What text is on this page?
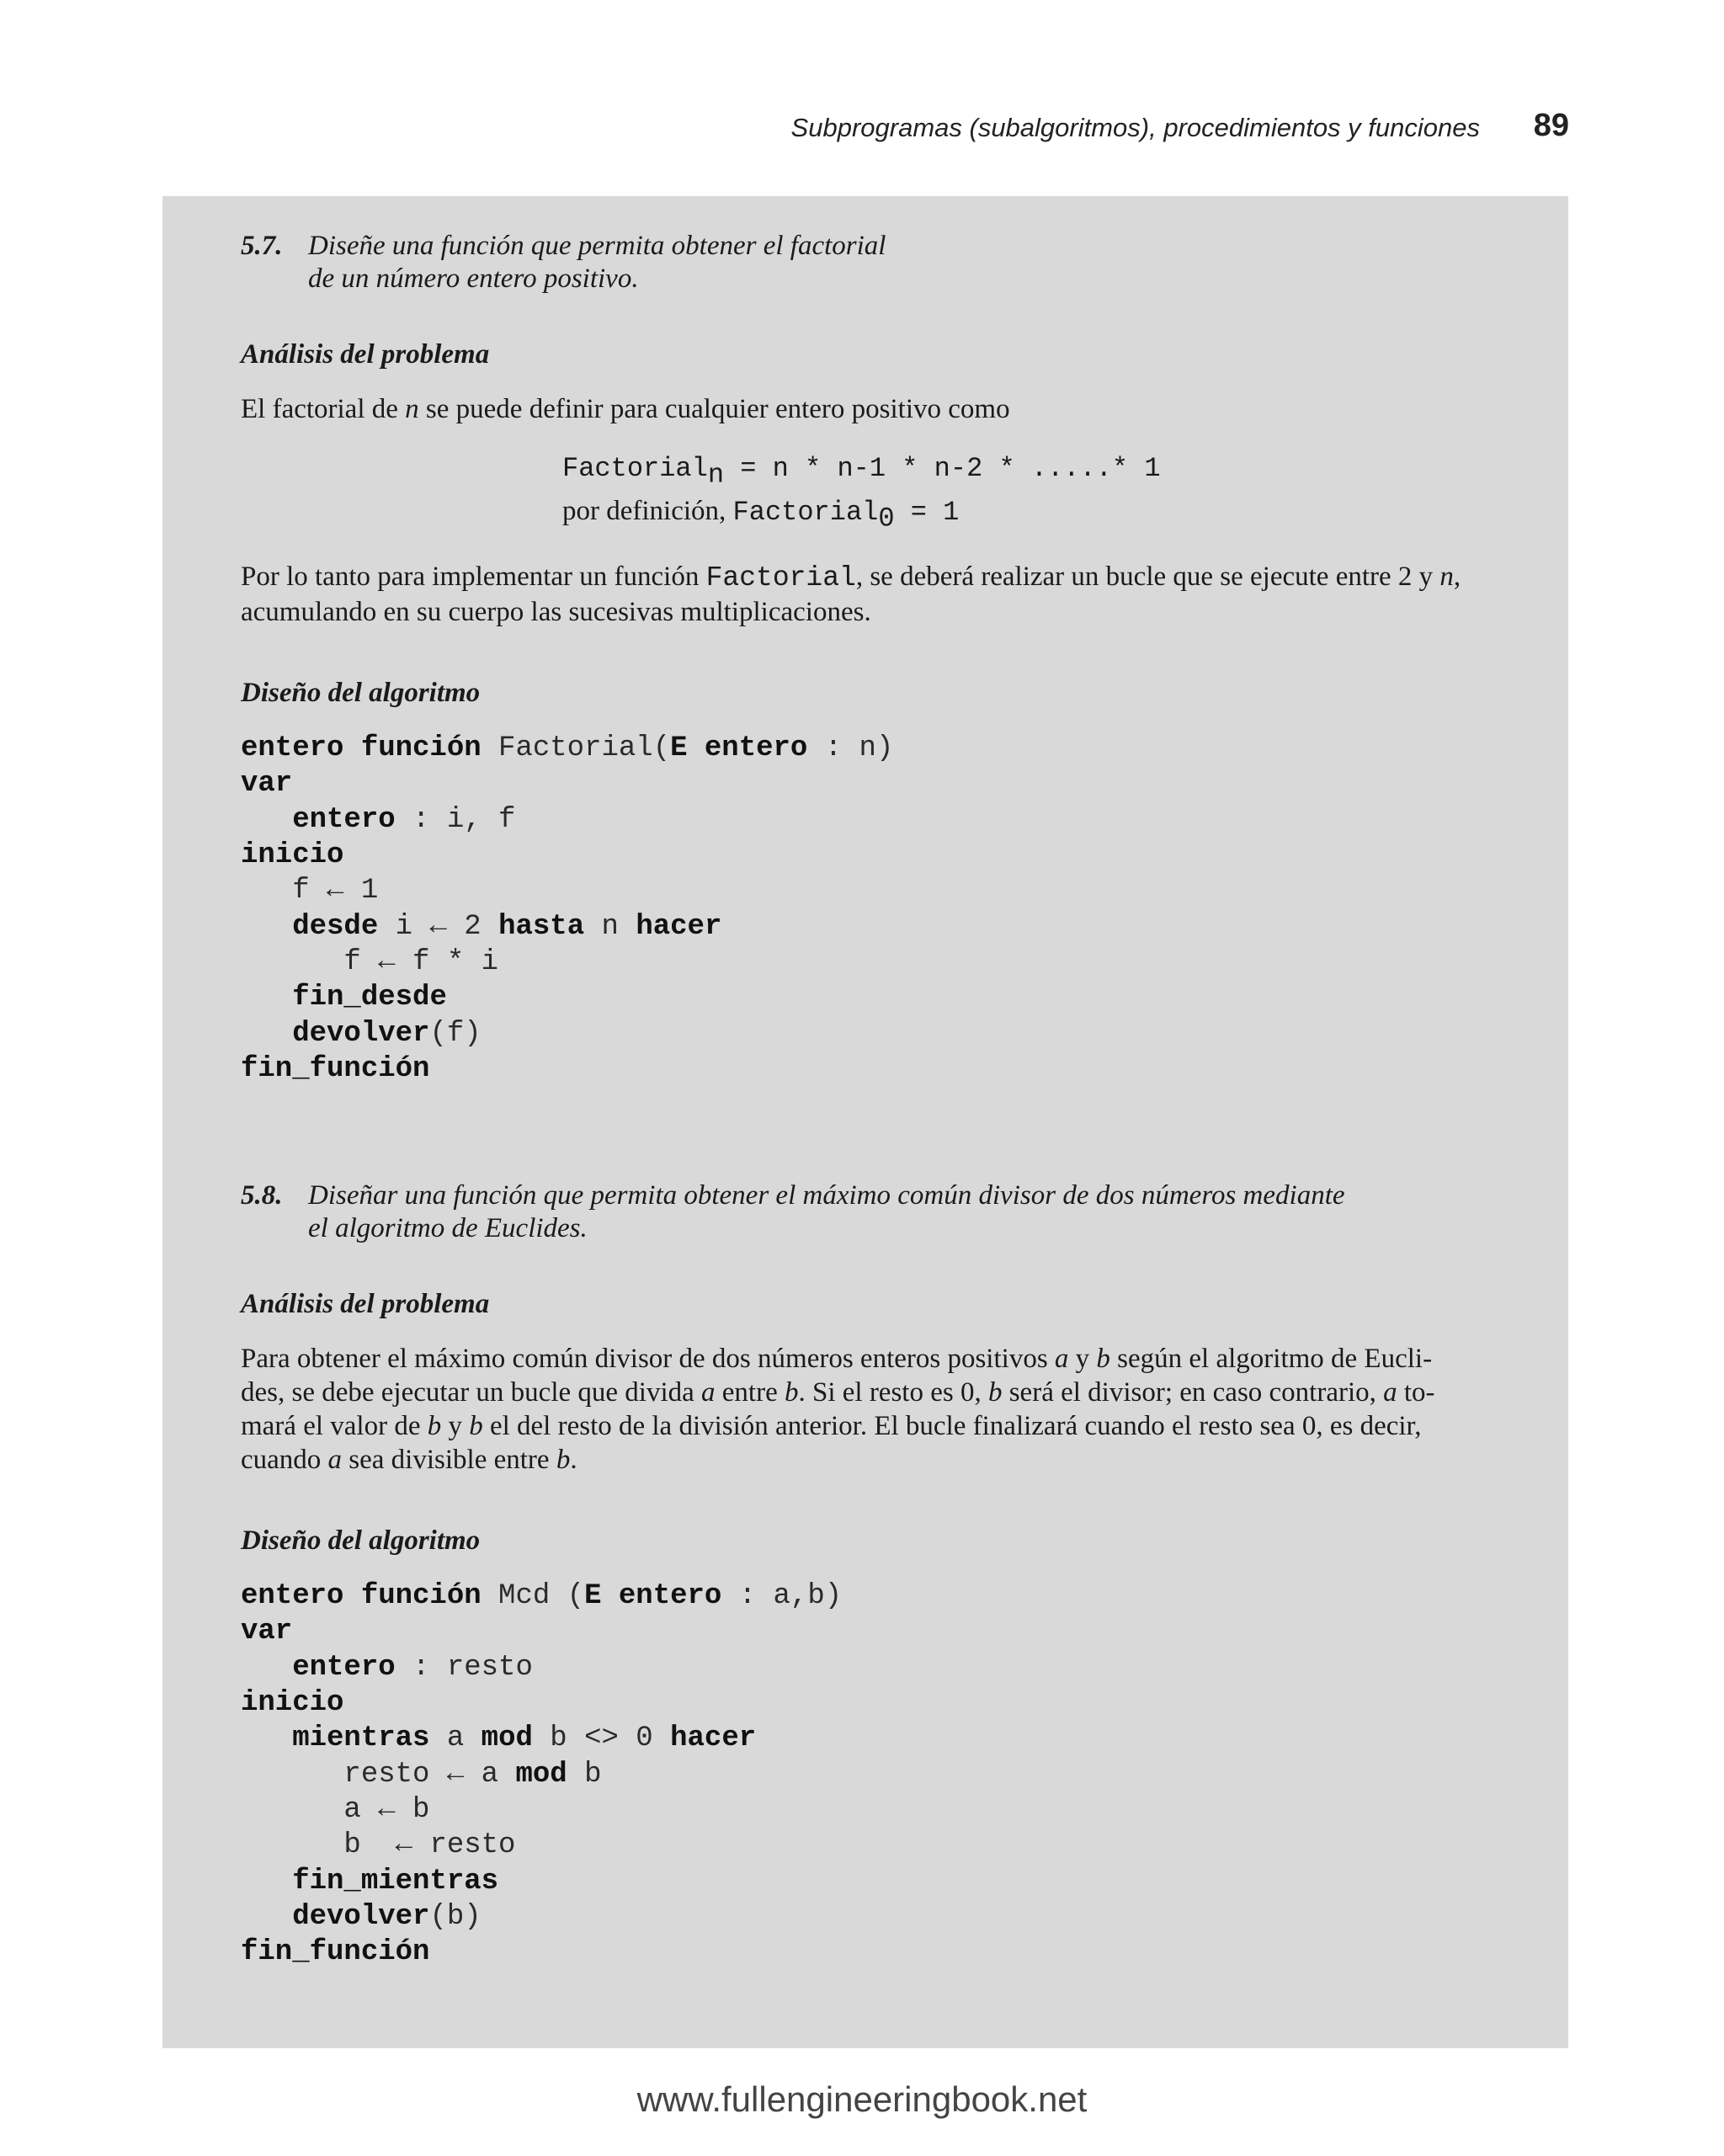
Subprogramas (subalgoritmos), procedimientos y funciones 89
5.7. Diseñe una función que permita obtener el factorial
de un número entero positivo.
Análisis del problema
El factorial de n se puede definir para cualquier entero positivo como
Factorial$_n$ = n * n-1 * n-2 * .....* 1
por definición, Factorial$_0$ = 1
Por lo tanto para implementar un función Factorial, se deberá realizar un bucle que se ejecute entre 2 y n,
acumulando en su cuerpo las sucesivas multiplicaciones.
Diseño del algoritmo
entero función Factorial(E entero : n)
var
entero : i, f
inicio
f ← 1
desde i ← 2 hasta n hacer
f ← f * i
fin_desde
devolver(f)
fin_función
5.8. Diseñar una función que permita obtener el máximo común divisor de dos números mediante
el algoritmo de Euclides.
Análisis del problema
Para obtener el máximo común divisor de dos números enteros positivos a y b según el algoritmo de Eucli-
des, se debe ejecutar un bucle que divida a entre b. Si el resto es 0, b será el divisor; en caso contrario, a to-
mará el valor de b y b el del resto de la división anterior. El bucle finalizará cuando el resto sea 0, es decir,
cuando a sea divisible entre b.
Diseño del algoritmo
entero función Mcd (E entero : a,b)
var
entero : resto
inicio
mientras a mod b <> 0 hacer
resto ← a mod b
a ← b
b  ← resto
fin_mientras
devolver(b)
fin_función
www.fullengineeringbook.net
